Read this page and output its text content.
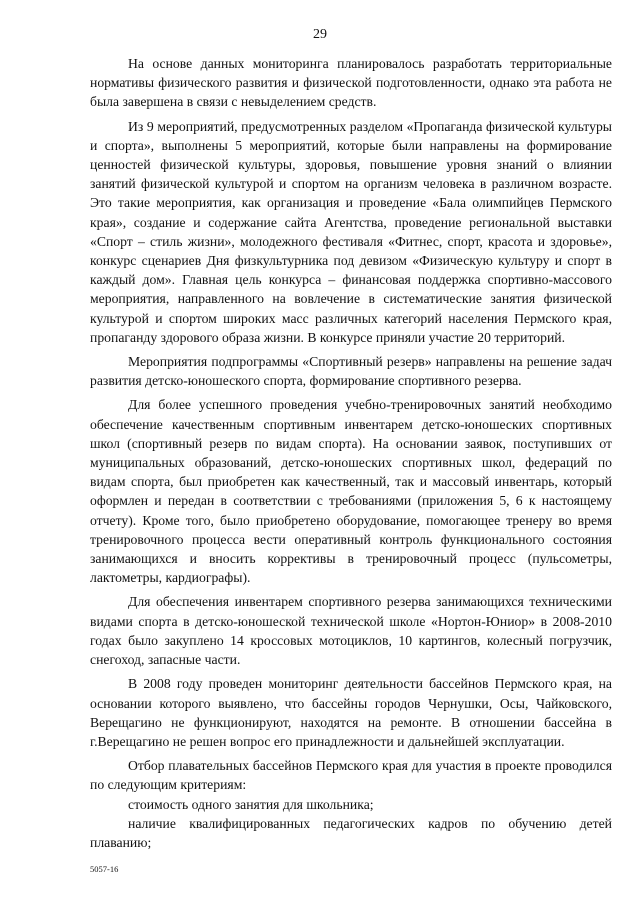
29

На основе данных мониторинга планировалось разработать территориальные нормативы физического развития и физической подготовленности, однако эта работа не была завершена в связи с невыделением средств.

Из 9 мероприятий, предусмотренных разделом «Пропаганда физической культуры и спорта», выполнены 5 мероприятий, которые были направлены на формирование ценностей физической культуры, здоровья, повышение уровня знаний о влиянии занятий физической культурой и спортом на организм человека в различном возрасте. Это такие мероприятия, как организация и проведение «Бала олимпийцев Пермского края», создание и содержание сайта Агентства, проведение региональной выставки «Спорт – стиль жизни», молодежного фестиваля «Фитнес, спорт, красота и здоровье», конкурс сценариев Дня физкультурника под девизом «Физическую культуру и спорт в каждый дом». Главная цель конкурса – финансовая поддержка спортивно-массового мероприятия, направленного на вовлечение в систематические занятия физической культурой и спортом широких масс различных категорий населения Пермского края, пропаганду здорового образа жизни. В конкурсе приняли участие 20 территорий.

Мероприятия подпрограммы «Спортивный резерв» направлены на решение задач развития детско-юношеского спорта, формирование спортивного резерва.

Для более успешного проведения учебно-тренировочных занятий необходимо обеспечение качественным спортивным инвентарем детско-юношеских спортивных школ (спортивный резерв по видам спорта). На основании заявок, поступивших от муниципальных образований, детско-юношеских спортивных школ, федераций по видам спорта, был приобретен как качественный, так и массовый инвентарь, который оформлен и передан в соответствии с требованиями (приложения 5, 6 к настоящему отчету). Кроме того, было приобретено оборудование, помогающее тренеру во время тренировочного процесса вести оперативный контроль функционального состояния занимающихся и вносить коррективы в тренировочный процесс (пульсометры, лактометры, кардиографы).

Для обеспечения инвентарем спортивного резерва занимающихся техническими видами спорта в детско-юношеской технической школе «Нортон-Юниор» в 2008-2010 годах было закуплено 14 кроссовых мотоциклов, 10 картингов, колесный погрузчик, снегоход, запасные части.

В 2008 году проведен мониторинг деятельности бассейнов Пермского края, на основании которого выявлено, что бассейны городов Чернушки, Осы, Чайковского, Верещагино не функционируют, находятся на ремонте. В отношении бассейна в г.Верещагино не решен вопрос его принадлежности и дальнейшей эксплуатации.

Отбор плавательных бассейнов Пермского края для участия в проекте проводился по следующим критериям:

стоимость одного занятия для школьника;

наличие квалифицированных педагогических кадров по обучению детей плаванию;

5057-16
